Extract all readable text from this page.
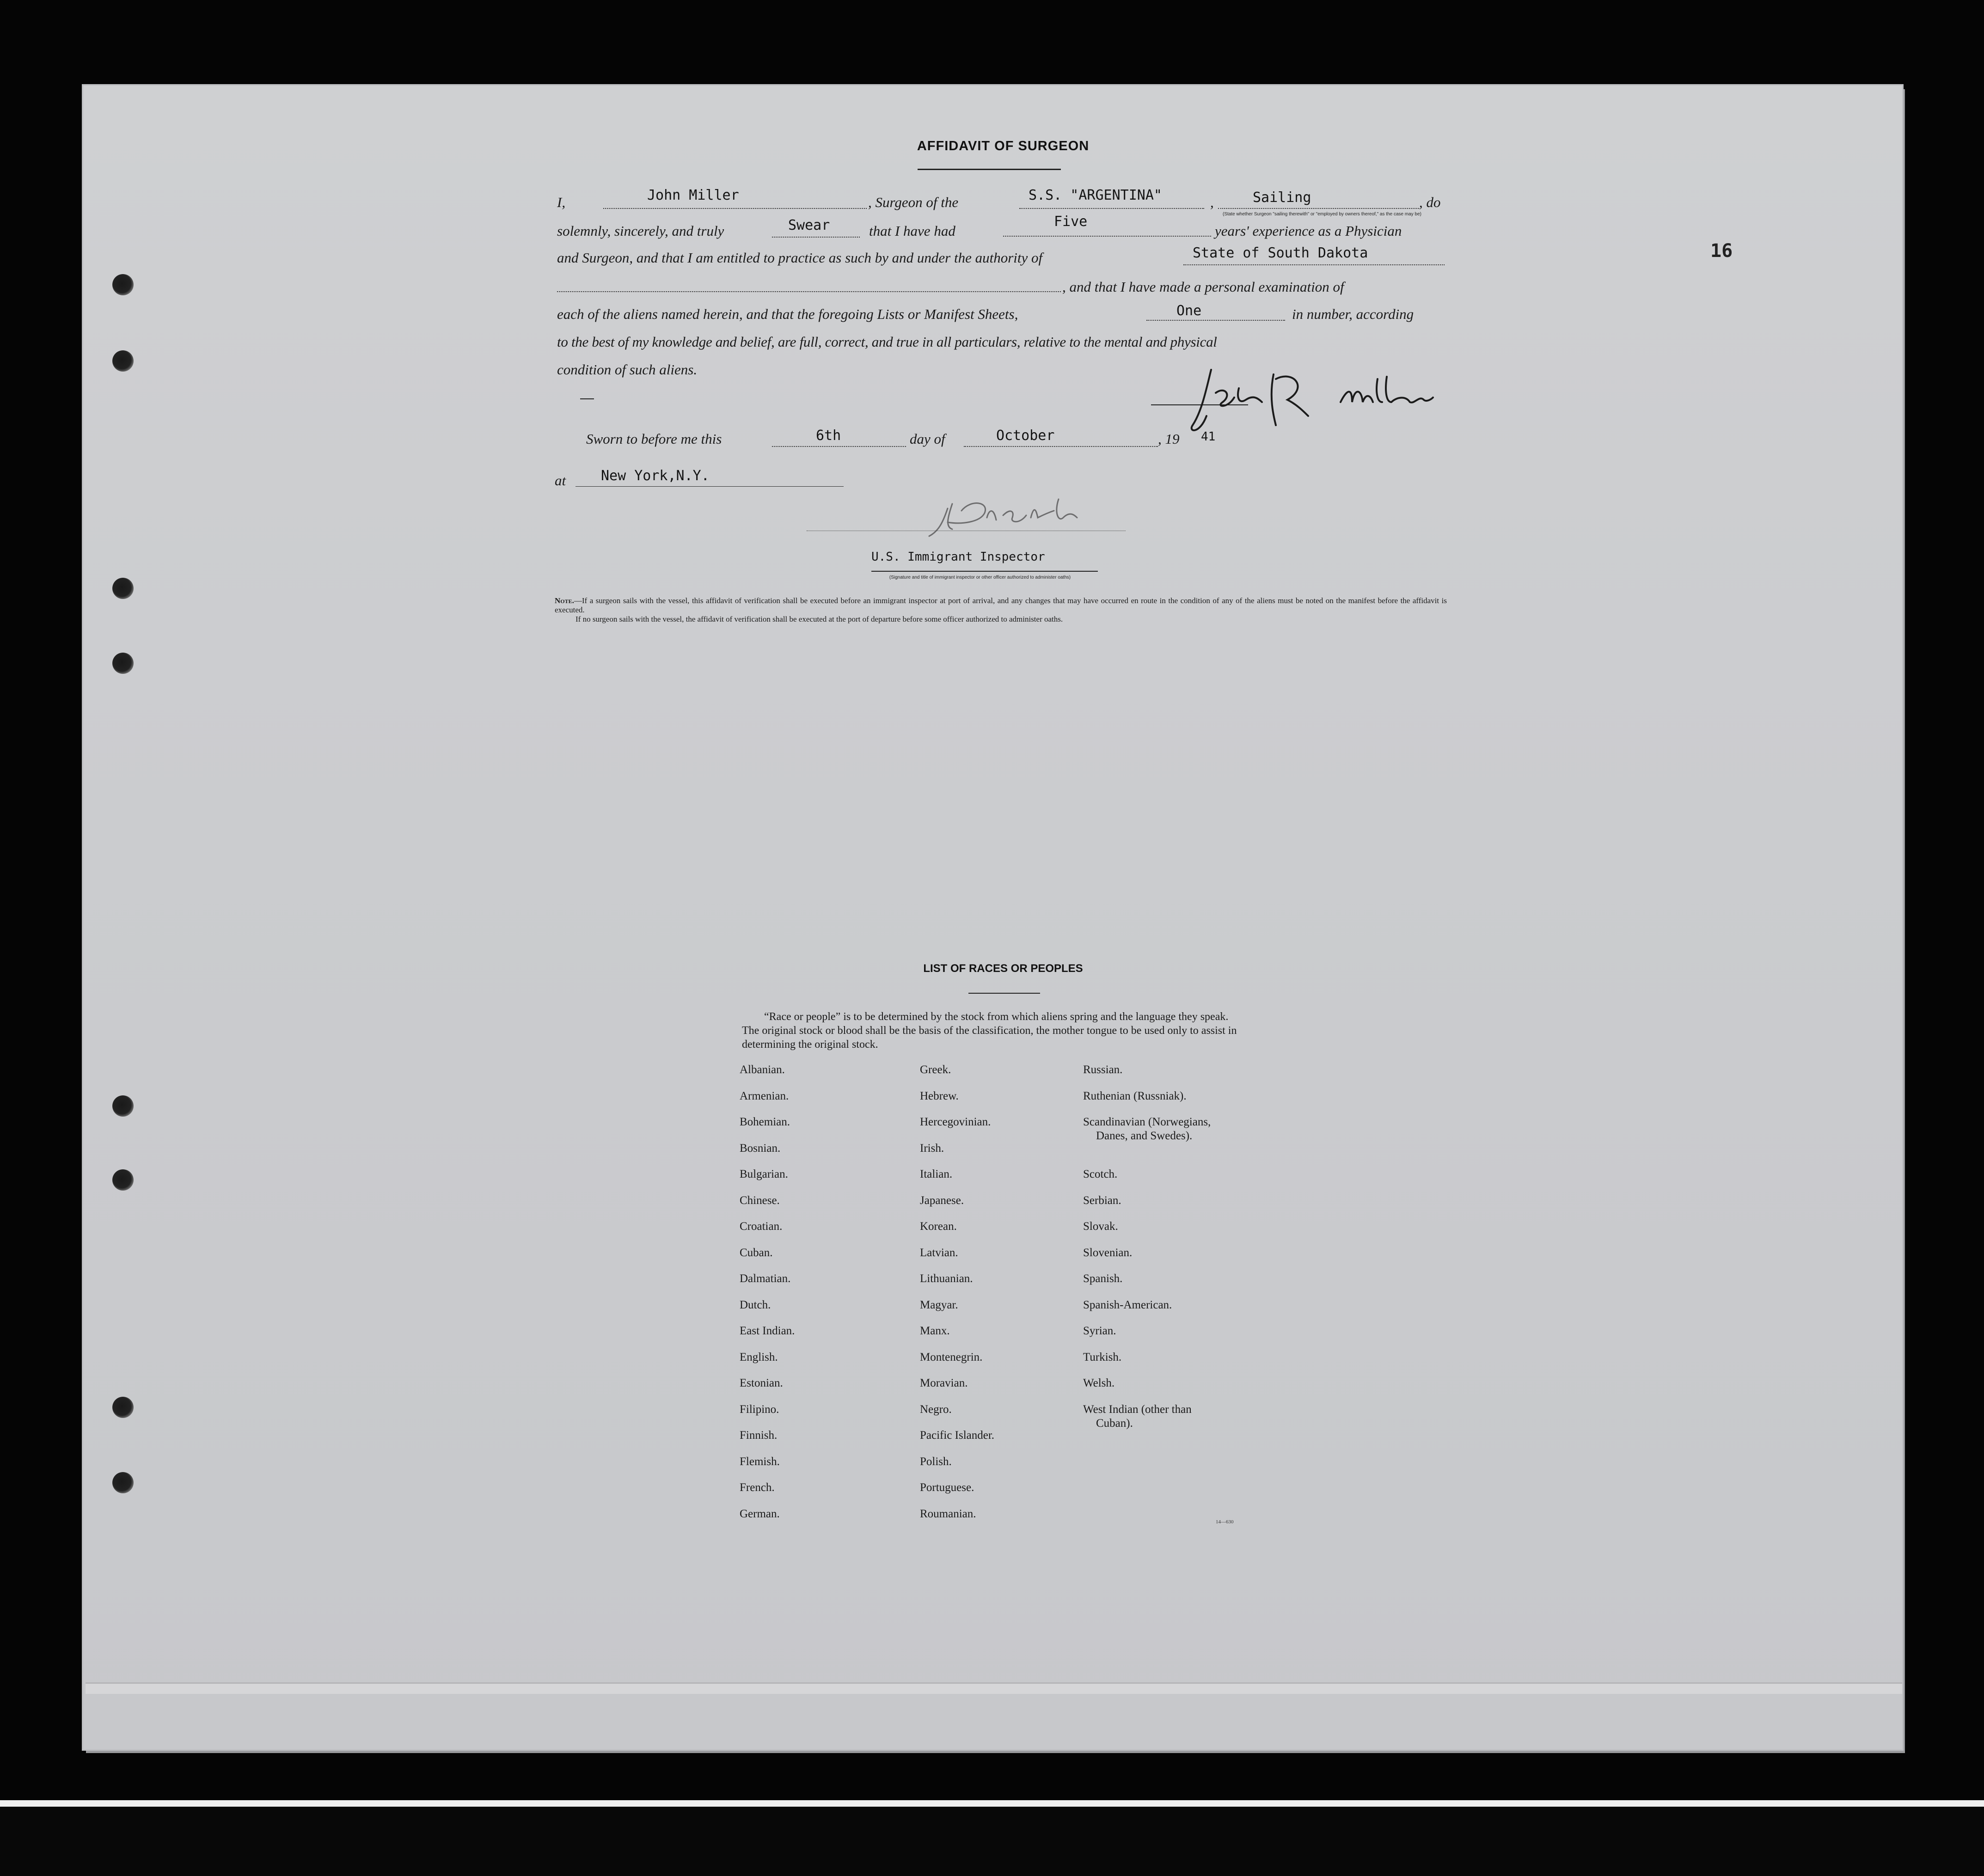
16
AFFIDAVIT OF SURGEON
I,	John Miller	, Surgeon of the	S.S. "ARGENTINA"	,	Sailing
(State whether Surgeon "sailing therewith" or "employed by owners thereof," as the case may be)
, do
solemnly, sincerely, and truly	Swear	that I have had
Five
years' experience as a Physician
and Surgeon, and that I am entitled to practice as such by and under the authority of	State of South Dakota
, and that I have made a personal examination of
each of the aliens named herein, and that the foregoing Lists or Manifest Sheets,	One	in number, according
to the best of my knowledge and belief, are full, correct, and true in all particulars, relative to the mental and physical
condition of such aliens.
Sworn to before me this	6th	day of	October	, 19 41
at	New York,N.Y.
U.S. Immigrant Inspector
(Signature and title of immigrant inspector or other officer authorized to administer oaths)
Note.—If a surgeon sails with the vessel, this affidavit of verification shall be executed before an immigrant inspector at port of arrival, and any changes that may have occurred en route in the condition of any of the aliens must be noted on the manifest before the affidavit is executed.
If no surgeon sails with the vessel, the affidavit of verification shall be executed at the port of departure before some officer authorized to administer oaths.
LIST OF RACES OR PEOPLES
“Race or people” is to be determined by the stock from which aliens spring and the language they speak. The original stock or blood shall be the basis of the classification, the mother tongue to be used only to assist in determining the original stock.
Albanian.
Armenian.
Bohemian.
Bosnian.
Bulgarian.
Chinese.
Croatian.
Cuban.
Dalmatian.
Dutch.
East Indian.
English.
Estonian.
Filipino.
Finnish.
Flemish.
French.
German.
Greek.
Hebrew.
Hercegovinian.
Irish.
Italian.
Japanese.
Korean.
Latvian.
Lithuanian.
Magyar.
Manx.
Montenegrin.
Moravian.
Negro.
Pacific Islander.
Polish.
Portuguese.
Roumanian.
Russian.
Ruthenian (Russniak).
Scandinavian (Norwegians,
Danes, and Swedes).
Scotch.
Serbian.
Slovak.
Slovenian.
Spanish.
Spanish-American.
Syrian.
Turkish.
Welsh.
West Indian (other than
Cuban).
14—630
